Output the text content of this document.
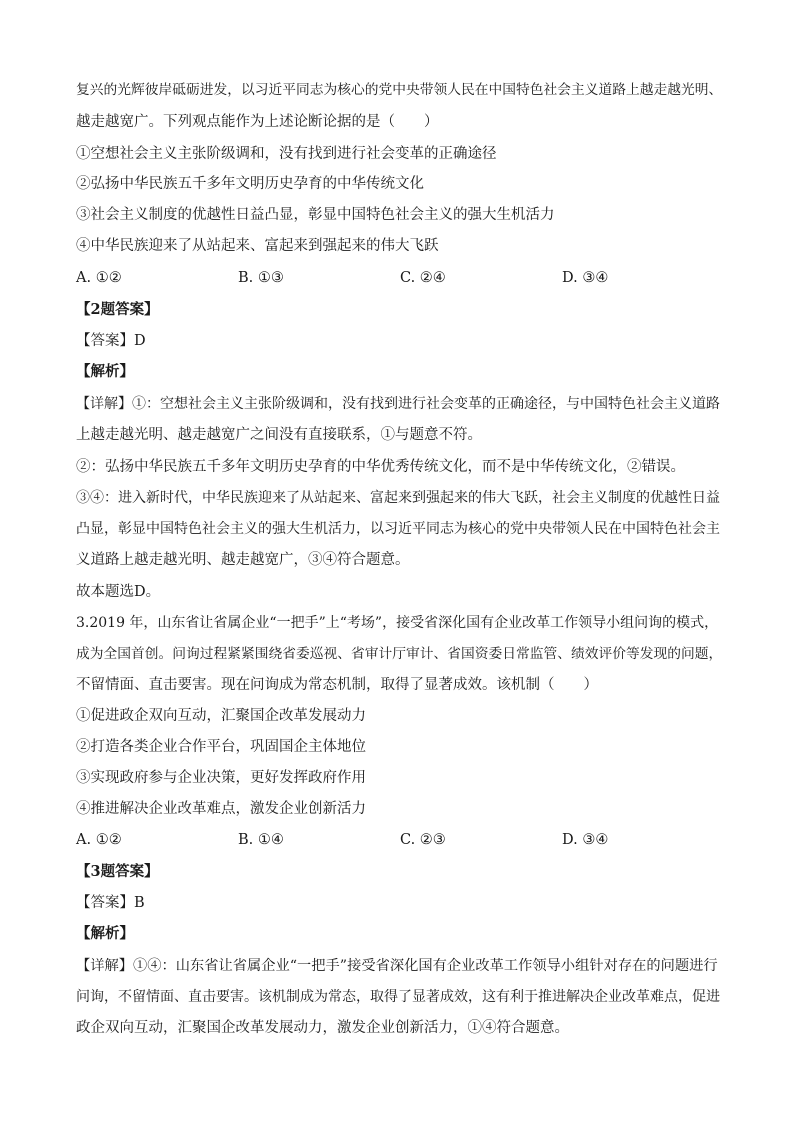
复兴的光辉彼岸砥砺进发，以习近平同志为核心的党中央带领人民在中国特色社会主义道路上越走越光明、
越走越宽广。下列观点能作为上述论断论据的是（　　）
①空想社会主义主张阶级调和，没有找到进行社会变革的正确途径
②弘扬中华民族五千多年文明历史孕育的中华传统文化
③社会主义制度的优越性日益凸显，彰显中国特色社会主义的强大生机活力
④中华民族迎来了从站起来、富起来到强起来的伟大飞跃
A. ①②	B. ①③	C. ②④	D. ③④
【2题答案】
【答案】D
【解析】
【详解】①：空想社会主义主张阶级调和，没有找到进行社会变革的正确途径，与中国特色社会主义道路
上越走越光明、越走越宽广之间没有直接联系，①与题意不符。
②：弘扬中华民族五千多年文明历史孕育的中华优秀传统文化，而不是中华传统文化，②错误。
③④：进入新时代，中华民族迎来了从站起来、富起来到强起来的伟大飞跃，社会主义制度的优越性日益
凸显，彰显中国特色社会主义的强大生机活力，以习近平同志为核心的党中央带领人民在中国特色社会主
义道路上越走越光明、越走越宽广，③④符合题意。
故本题选D。
3.2019 年，山东省让省属企业“一把手”上“考场”，接受省深化国有企业改革工作领导小组问询的模式，
成为全国首创。问询过程紧紧围绕省委巡视、省审计厅审计、省国资委日常监管、绩效评价等发现的问题，
不留情面、直击要害。现在问询成为常态机制，取得了显著成效。该机制（　　）
①促进政企双向互动，汇聚国企改革发展动力
②打造各类企业合作平台，巩固国企主体地位
③实现政府参与企业决策，更好发挥政府作用
④推进解决企业改革难点，激发企业创新活力
A. ①②	B. ①④	C. ②③	D. ③④
【3题答案】
【答案】B
【解析】
【详解】①④：山东省让省属企业“一把手”接受省深化国有企业改革工作领导小组针对存在的问题进行
问询，不留情面、直击要害。该机制成为常态，取得了显著成效，这有利于推进解决企业改革难点，促进
政企双向互动，汇聚国企改革发展动力，激发企业创新活力，①④符合题意。
